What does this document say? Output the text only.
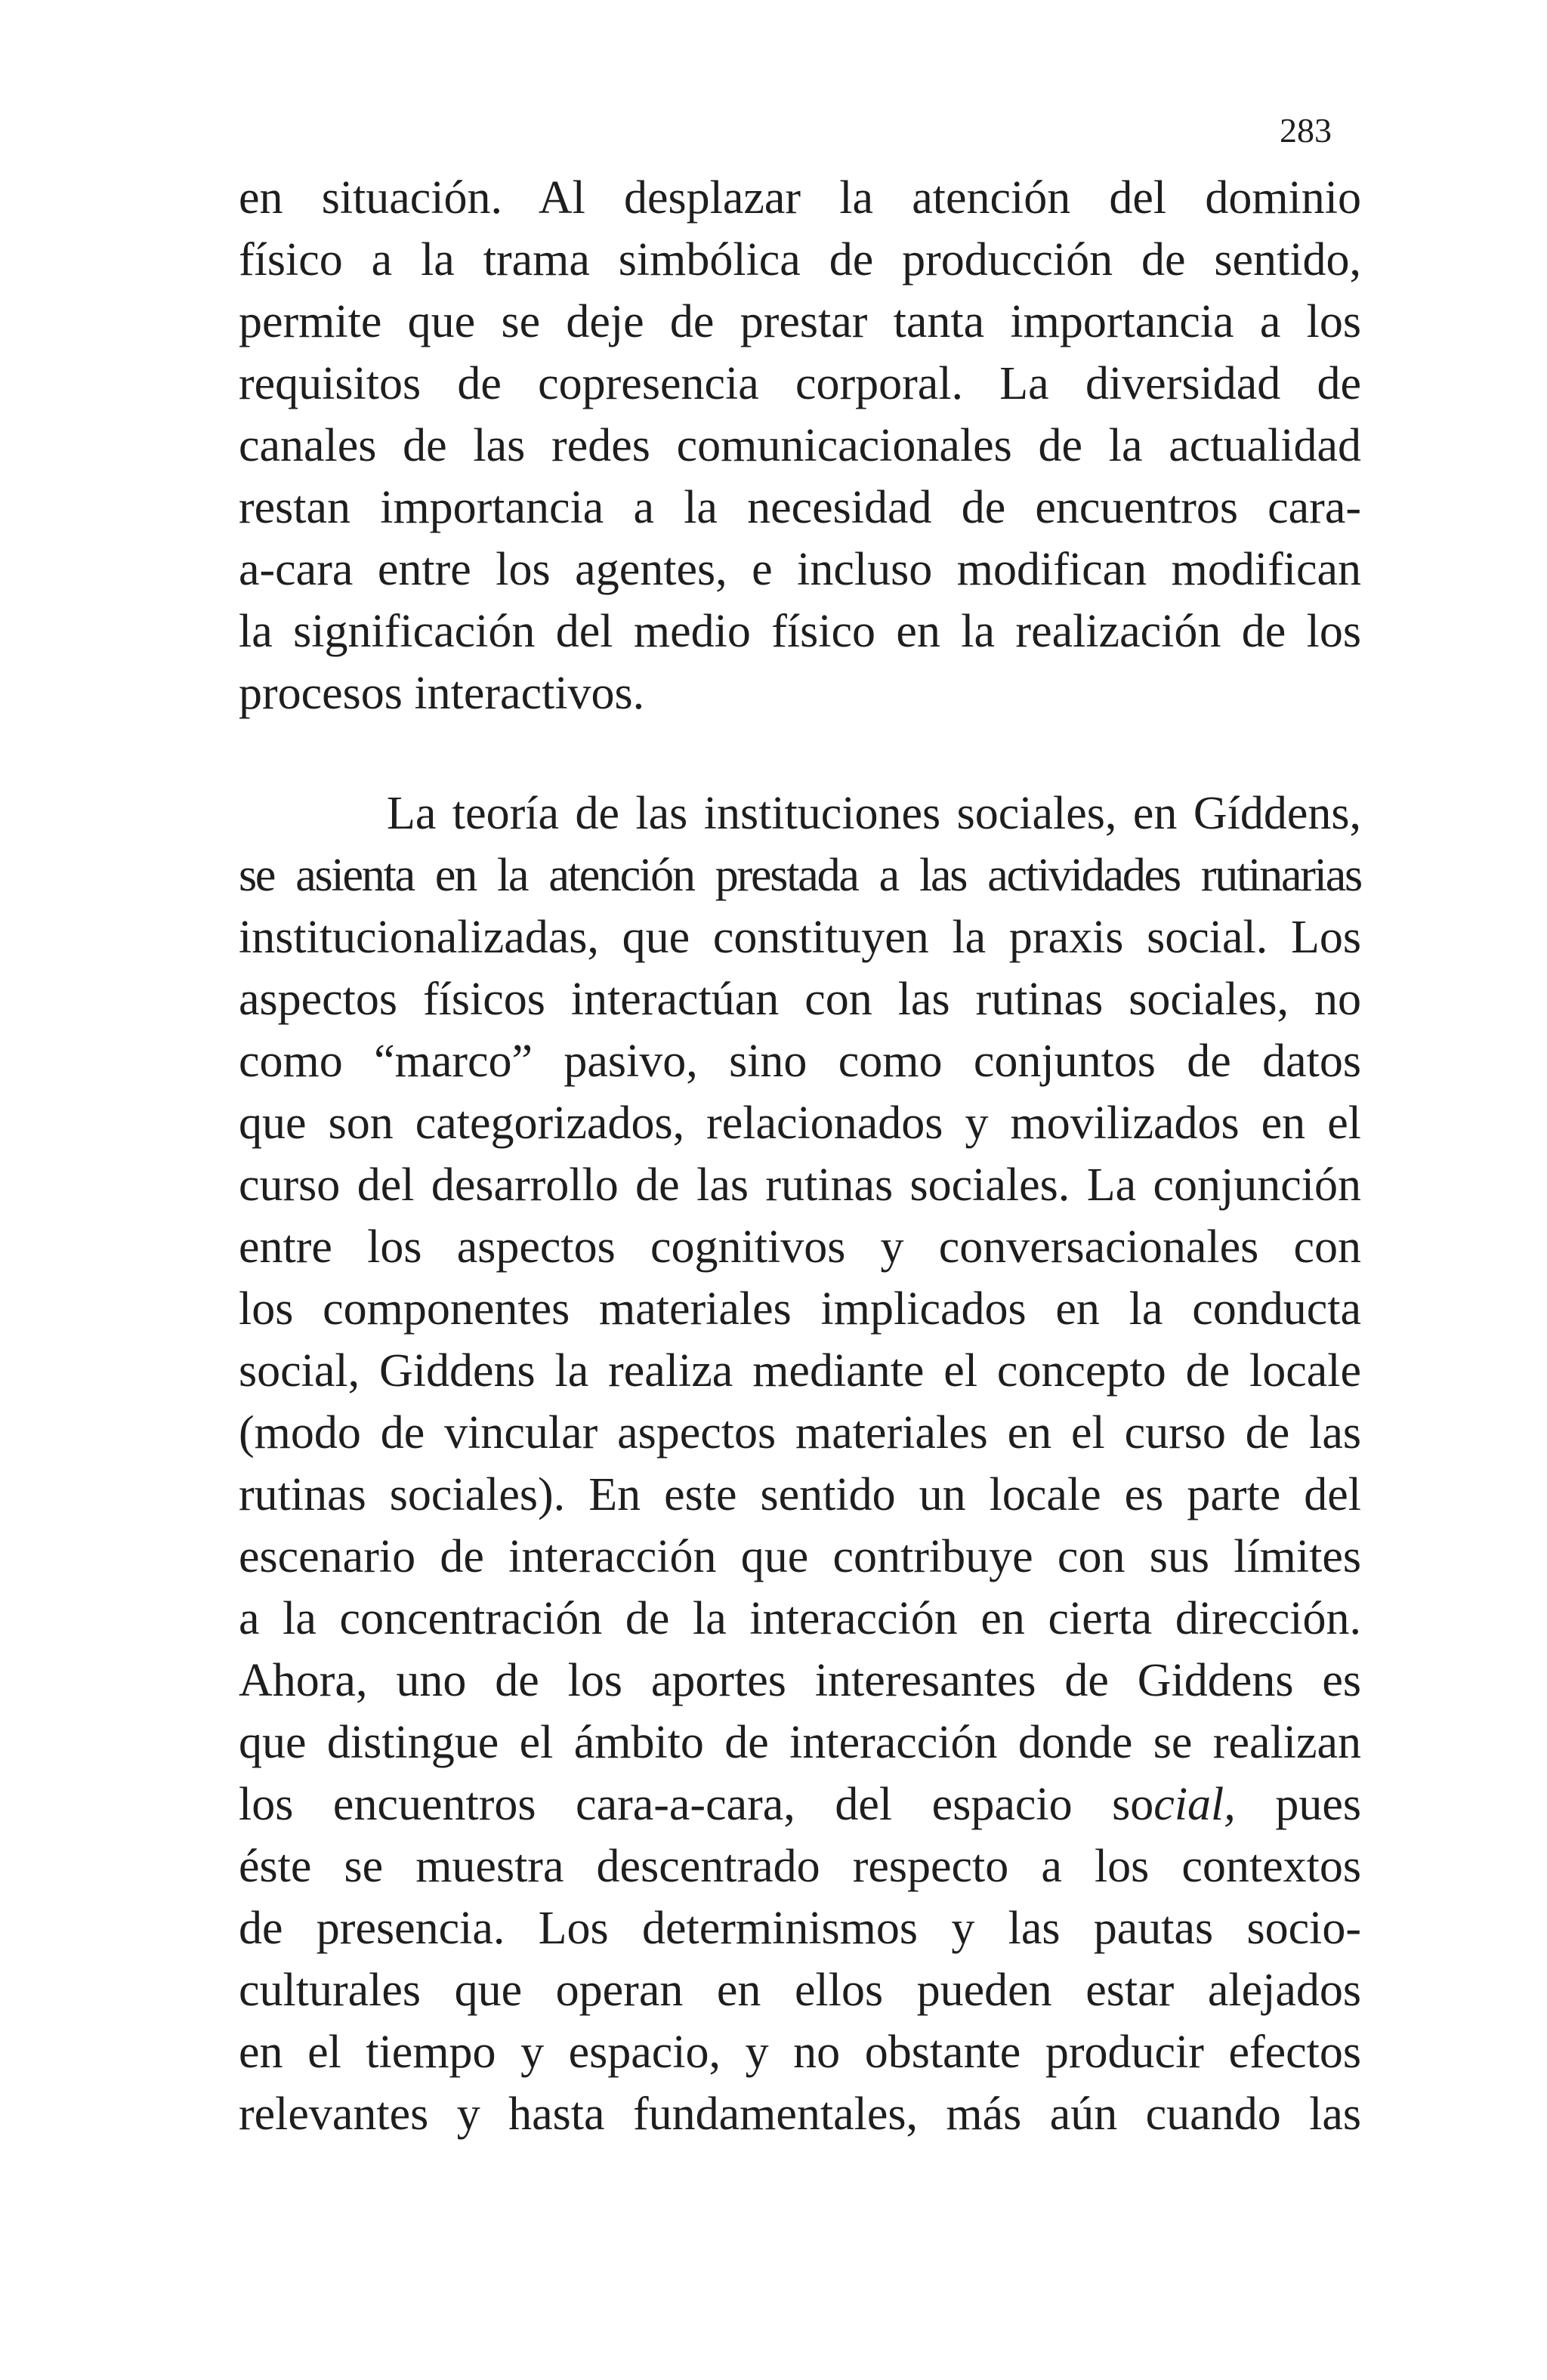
283
en situación. Al desplazar la atención del dominio
físico a la trama simbólica de producción de sentido,
permite que se deje de prestar tanta importancia a los
requisitos de copresencia corporal. La diversidad de
canales de las redes comunicacionales de la actualidad
restan importancia a la necesidad de encuentros cara-
a-cara entre los agentes, e incluso modifican modifican
la significación del medio físico en la realización de los
procesos interactivos.
La teoría de las instituciones sociales, en Gíddens,
se asienta en la atención prestada a las actividades rutinarias
institucionalizadas, que constituyen la praxis social. Los
aspectos físicos interactúan con las rutinas sociales, no
como “marco” pasivo, sino como conjuntos de datos
que son categorizados, relacionados y movilizados en el
curso del desarrollo de las rutinas sociales. La conjunción
entre los aspectos cognitivos y conversacionales con
los componentes materiales implicados en la conducta
social, Giddens la realiza mediante el concepto de locale
(modo de vincular aspectos materiales en el curso de las
rutinas sociales). En este sentido un locale es parte del
escenario de interacción que contribuye con sus límites
a la concentración de la interacción en cierta dirección.
Ahora, uno de los aportes interesantes de Giddens es
que distingue el ámbito de interacción donde se realizan
los encuentros cara-a-cara, del espacio social, pues
éste se muestra descentrado respecto a los contextos
de presencia. Los determinismos y las pautas socio-
culturales que operan en ellos pueden estar alejados
en el tiempo y espacio, y no obstante producir efectos
relevantes y hasta fundamentales, más aún cuando las
